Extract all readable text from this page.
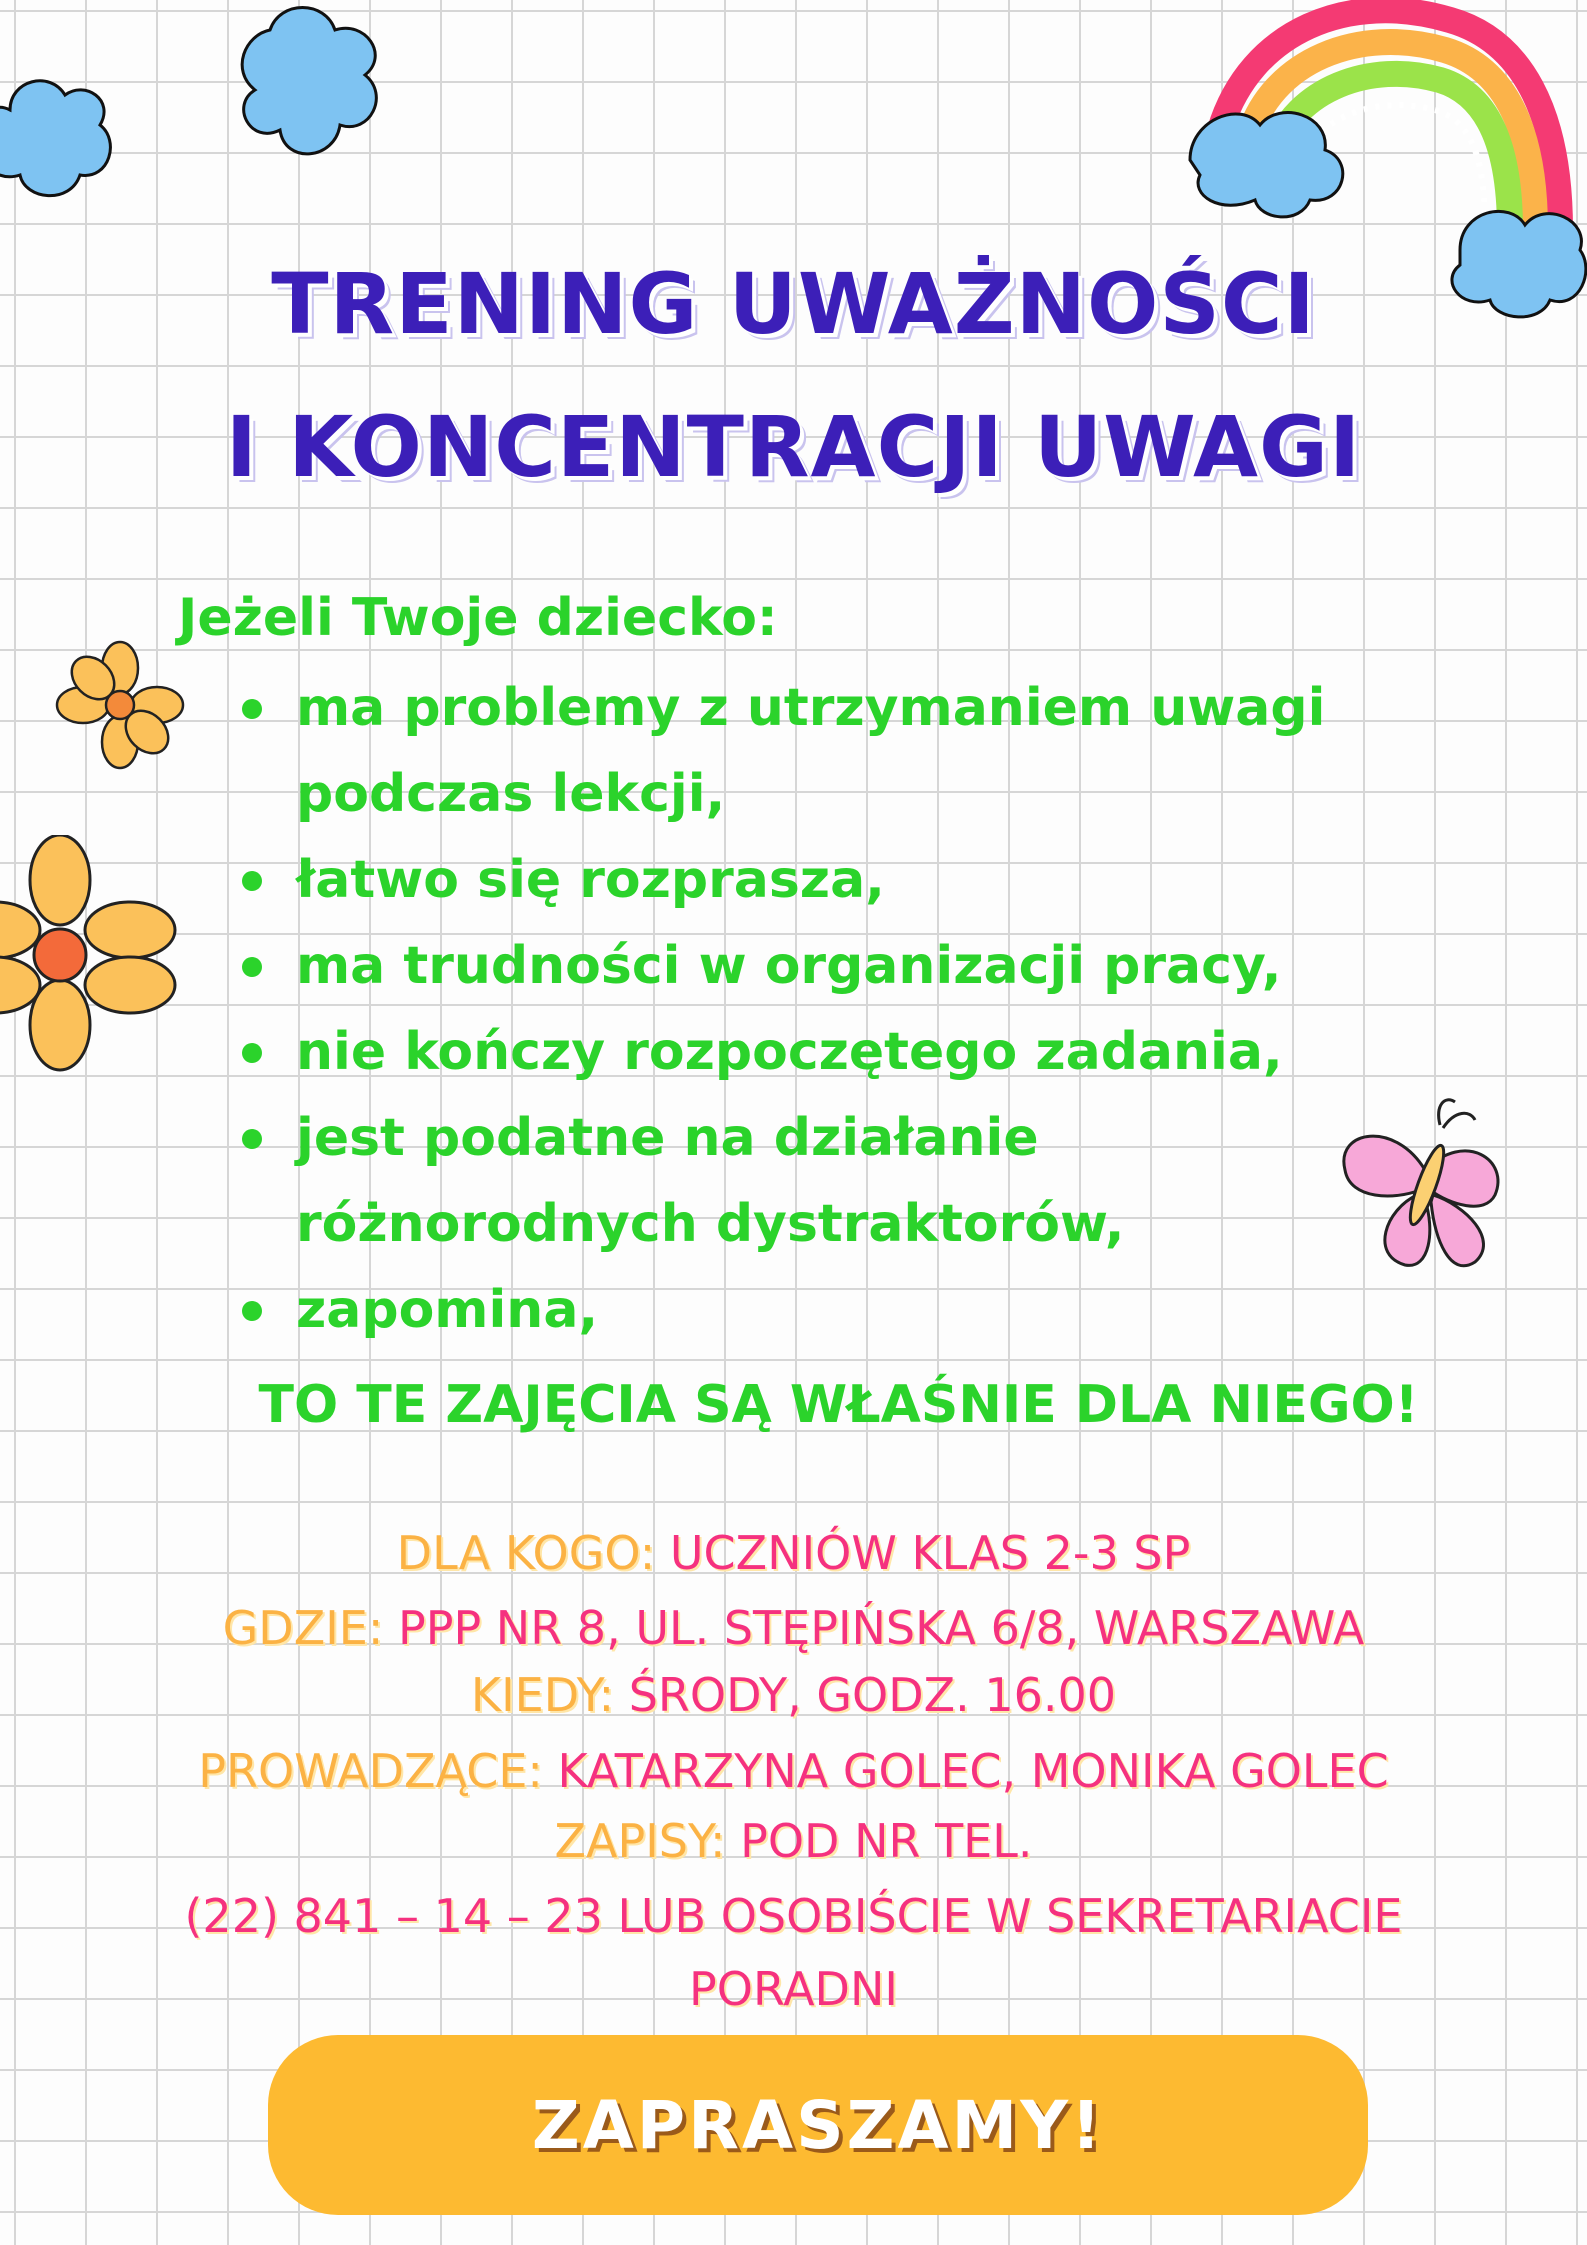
TRENING UWAŻNOŚCI
I KONCENTRACJI UWAGI
Jeżeli Twoje dziecko:
ma problemy z utrzymaniem uwagi
podczas lekcji,
łatwo się rozprasza,
ma trudności w organizacji pracy,
nie kończy rozpoczętego zadania,
jest podatne na działanie
różnorodnych dystraktorów,
zapomina,
TO TE ZAJĘCIA SĄ WŁAŚNIE DLA NIEGO!
DLA KOGO: UCZNIÓW KLAS 2-3 SP
GDZIE: PPP NR 8, UL. STĘPIŃSKA 6/8, WARSZAWA
KIEDY: ŚRODY, GODZ. 16.00
PROWADZĄCE: KATARZYNA GOLEC, MONIKA GOLEC
ZAPISY: POD NR TEL.
(22) 841 – 14 – 23 LUB OSOBIŚCIE W SEKRETARIACIE
PORADNI
ZAPRASZAMY!
